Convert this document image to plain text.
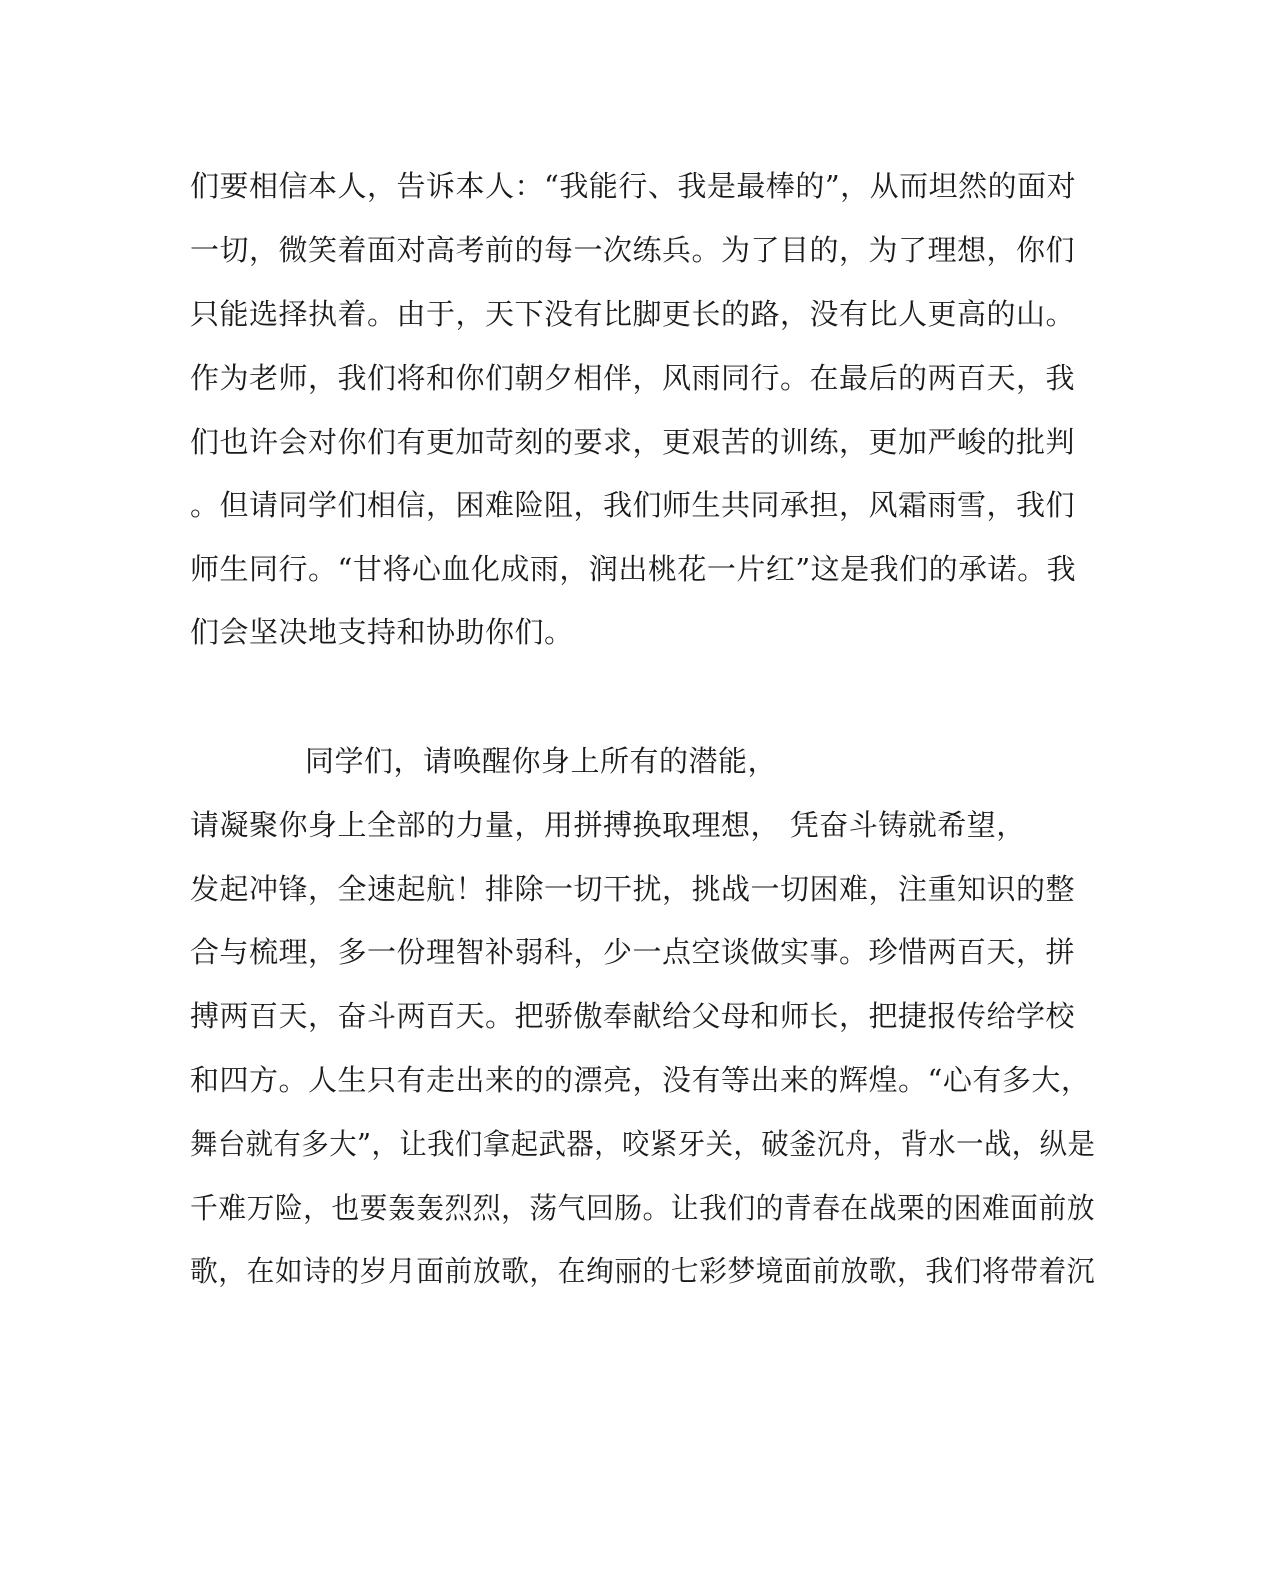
们要相信本人，告诉本人：“我能行、我是最棒的”，从而坦然的面对
一切，微笑着面对高考前的每一次练兵。为了目的，为了理想，你们
只能选择执着。由于，天下没有比脚更长的路，没有比人更高的山。
作为老师，我们将和你们朝夕相伴，风雨同行。在最后的两百天，我
们也许会对你们有更加苛刻的要求，更艰苦的训练，更加严峻的批判
。但请同学们相信，困难险阻，我们师生共同承担，风霜雨雪，我们
师生同行。“甘将心血化成雨，润出桃花一片红”这是我们的承诺。我
们会坚决地支持和协助你们。
同学们，请唤醒你身上所有的潜能，
请凝聚你身上全部的力量，用拼搏换取理想， 凭奋斗铸就希望，
发起冲锋，全速起航！排除一切干扰，挑战一切困难，注重知识的整
合与梳理，多一份理智补弱科，少一点空谈做实事。珍惜两百天，拼
搏两百天，奋斗两百天。把骄傲奉献给父母和师长，把捷报传给学校
和四方。人生只有走出来的的漂亮，没有等出来的辉煌。“心有多大，
舞台就有多大”，让我们拿起武器，咬紧牙关，破釜沉舟，背水一战，纵是
千难万险，也要轰轰烈烈，荡气回肠。让我们的青春在战栗的困难面前放
歌，在如诗的岁月面前放歌，在绚丽的七彩梦境面前放歌，我们将带着沉
